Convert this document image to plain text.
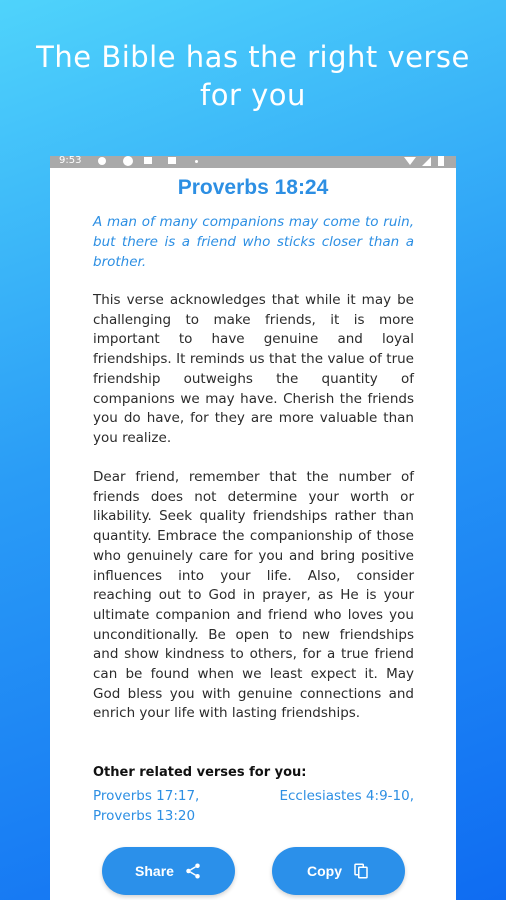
The Bible has the right verse
for you
9:53
Proverbs 18:24

A man of many companions may come to ruin, but there is a friend who sticks closer than a brother.

This verse acknowledges that while it may be challenging to make friends, it is more important to have genuine and loyal friendships. It reminds us that the value of true friendship outweighs the quantity of companions we may have. Cherish the friends you do have, for they are more valuable than you realize.

Dear friend, remember that the number of friends does not determine your worth or likability. Seek quality friendships rather than quantity. Embrace the companionship of those who genuinely care for you and bring positive influences into your life. Also, consider reaching out to God in prayer, as He is your ultimate companion and friend who loves you unconditionally. Be open to new friendships and show kindness to others, for a true friend can be found when we least expect it. May God bless you with genuine connections and enrich your life with lasting friendships.

Other related verses for you:
Proverbs 17:17,	Ecclesiastes 4:9-10,
Proverbs 13:20
Share	Copy
